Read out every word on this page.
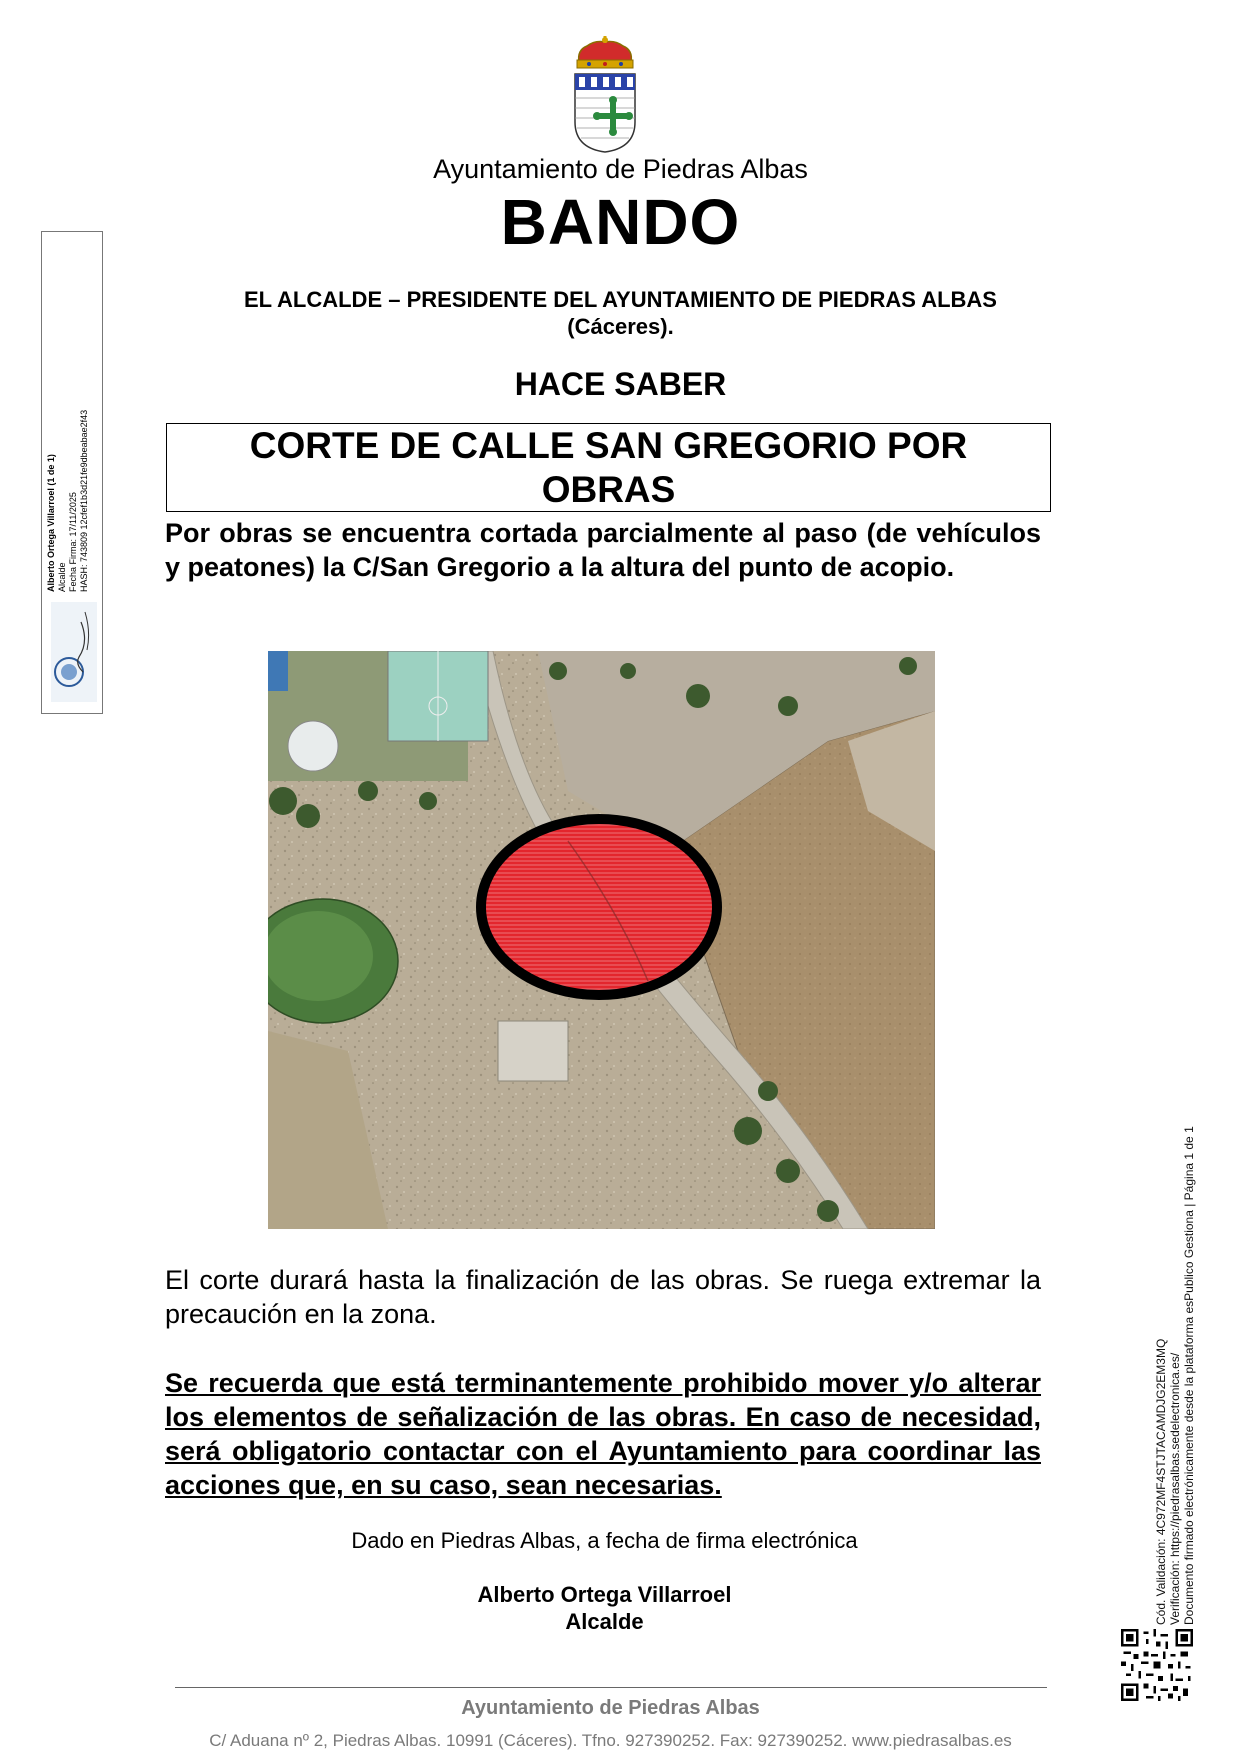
Ayuntamiento de Piedras Albas
BANDO
EL ALCALDE – PRESIDENTE DEL AYUNTAMIENTO DE PIEDRAS ALBAS
(Cáceres).
HACE SABER
CORTE DE CALLE SAN GREGORIO POR
OBRAS
Por obras se encuentra cortada parcialmente al paso (de vehículos y peatones) la C/San Gregorio a la altura del punto de acopio.
El corte durará hasta la finalización de las obras. Se ruega extremar la precaución en la zona.
Se recuerda que está terminantemente prohibido mover y/o alterar los elementos de señalización de las obras. En caso de necesidad, será obligatorio contactar con el Ayuntamiento para coordinar las acciones que, en su caso, sean necesarias.
Dado en Piedras Albas, a fecha de firma electrónica
Alberto Ortega Villarroel
Alcalde
Ayuntamiento de Piedras Albas
C/ Aduana nº 2, Piedras Albas. 10991 (Cáceres). Tfno. 927390252. Fax: 927390252. www.piedrasalbas.es
Alberto Ortega Villarroel (1 de 1) Alcalde Fecha Firma: 17/11/2025 HASH: 743809 12cfef1b3d21fe9dbeabae2f43
Cód. Validación: 4C972MF4STJTACAMDJG2EM3MQ Verificación: https://piedrasalbas.sedelectronica.es/ Documento firmado electrónicamente desde la plataforma esPublico Gestiona | Página 1 de 1
